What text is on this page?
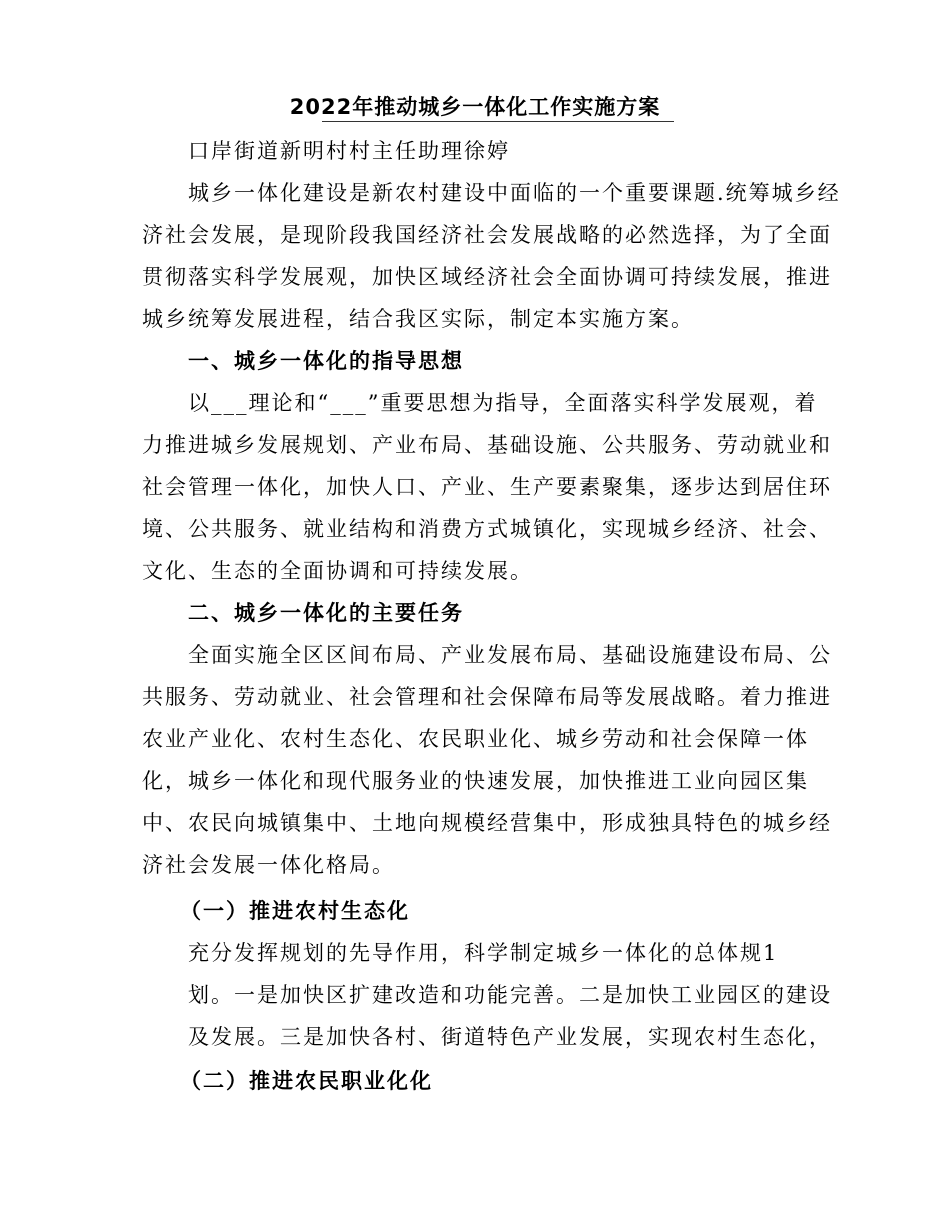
2022年推动城乡一体化工作实施方案
口岸街道新明村村主任助理徐婷
城乡一体化建设是新农村建设中面临的一个重要课题.统筹城乡经
济社会发展，是现阶段我国经济社会发展战略的必然选择，为了全面
贯彻落实科学发展观，加快区域经济社会全面协调可持续发展，推进
城乡统筹发展进程，结合我区实际，制定本实施方案。
一、城乡一体化的指导思想
以___理论和“___”重要思想为指导，全面落实科学发展观，着
力推进城乡发展规划、产业布局、基础设施、公共服务、劳动就业和
社会管理一体化，加快人口、产业、生产要素聚集，逐步达到居住环
境、公共服务、就业结构和消费方式城镇化，实现城乡经济、社会、
文化、生态的全面协调和可持续发展。
二、城乡一体化的主要任务
全面实施全区区间布局、产业发展布局、基础设施建设布局、公
共服务、劳动就业、社会管理和社会保障布局等发展战略。着力推进
农业产业化、农村生态化、农民职业化、城乡劳动和社会保障一体
化，城乡一体化和现代服务业的快速发展，加快推进工业向园区集
中、农民向城镇集中、土地向规模经营集中，形成独具特色的城乡经
济社会发展一体化格局。
（一）推进农村生态化
充分发挥规划的先导作用，科学制定城乡一体化的总体规1
划。一是加快区扩建改造和功能完善。二是加快工业园区的建设
及发展。三是加快各村、街道特色产业发展，实现农村生态化，
（二）推进农民职业化化
